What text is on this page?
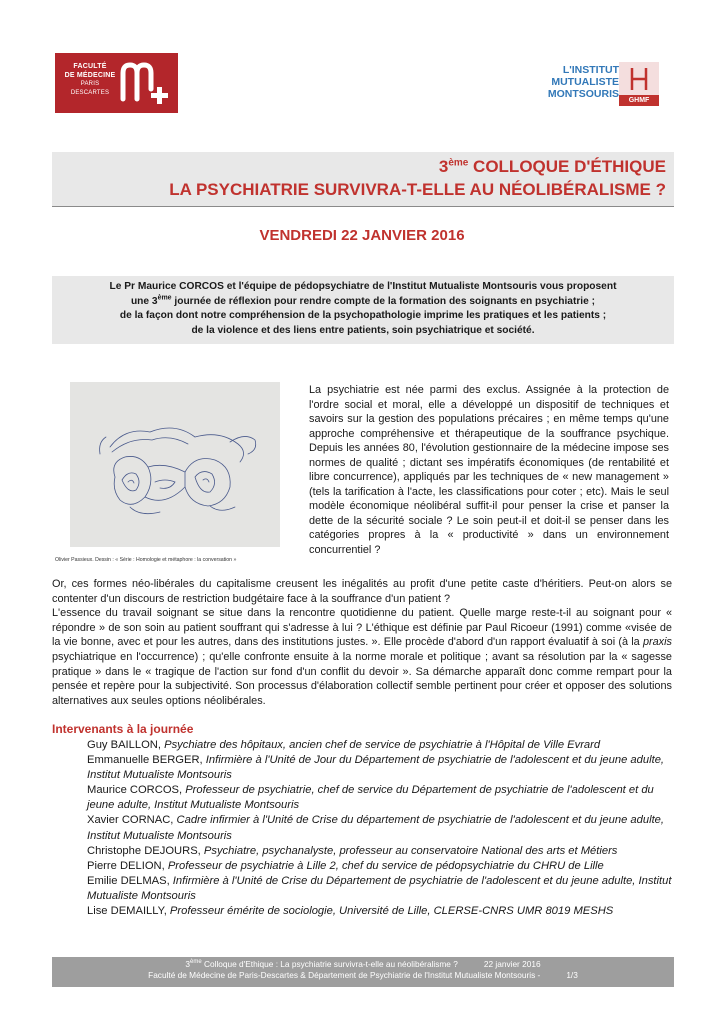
FACULTÉ
DE MÉDECINE
PARIS DESCARTES
L'INSTITUT
MUTUALISTE
MONTSOURIS
GHMF
3ème COLLOQUE D'ÉTHIQUE
LA PSYCHIATRIE SURVIVRA-T-ELLE AU NÉOLIBÉRALISME ?
VENDREDI 22 JANVIER 2016
Le Pr Maurice CORCOS et l'équipe de pédopsychiatre de l'Institut Mutualiste Montsouris vous proposent
une 3ème journée de réflexion pour rendre compte de la formation des soignants en psychiatrie ;
de la façon dont notre compréhension de la psychopathologie imprime les pratiques et les patients ;
de la violence et des liens entre patients, soin psychiatrique et société.
Olivier Passieux. Dessin : « Série : Homologie et métaphore : la conversation »
La psychiatrie est née parmi des exclus. Assignée à la protection de l'ordre social et moral, elle a développé un dispositif de techniques et savoirs sur la gestion des populations précaires ; en même temps qu'une approche compréhensive et thérapeutique de la souffrance psychique. Depuis les années 80, l'évolution gestionnaire de la médecine impose ses normes de qualité ; dictant ses impératifs économiques (de rentabilité et libre concurrence), appliqués par les techniques de « new management » (tels la tarification à l'acte, les classifications pour coter ; etc). Mais le seul modèle économique néolibéral suffit-il pour penser la crise et panser la dette de la sécurité sociale ? Le soin peut-il et doit-il se penser dans les catégories propres à la « productivité » dans un environnement concurrentiel ?
Or, ces formes néo-libérales du capitalisme creusent les inégalités au profit d'une petite caste d'héritiers. Peut-on alors se contenter d'un discours de restriction budgétaire face à la souffrance d'un patient ?
L'essence du travail soignant se situe dans la rencontre quotidienne du patient. Quelle marge reste-t-il au soignant pour « répondre » de son soin au patient souffrant qui s'adresse à lui ? L'éthique est définie par Paul Ricoeur (1991) comme «visée de la vie bonne, avec et pour les autres, dans des institutions justes. ». Elle procède d'abord d'un rapport évaluatif à soi (à la praxis psychiatrique en l'occurrence) ; qu'elle confronte ensuite à la norme morale et politique ; avant sa résolution par la « sagesse pratique » dans le « tragique de l'action sur fond d'un conflit du devoir ». Sa démarche apparaît donc comme rempart pour la pensée et repère pour la subjectivité. Son processus d'élaboration collectif semble pertinent pour créer et opposer des solutions alternatives aux seules options néolibérales.
Intervenants à la journée
Guy BAILLON, Psychiatre des hôpitaux, ancien chef de service de psychiatrie à l'Hôpital de Ville Evrard
Emmanuelle BERGER, Infirmière à l'Unité de Jour du Département de psychiatrie de l'adolescent et du jeune adulte, Institut Mutualiste Montsouris
Maurice CORCOS, Professeur de psychiatrie, chef de service du Département de psychiatrie de l'adolescent et du jeune adulte, Institut Mutualiste Montsouris
Xavier CORNAC, Cadre infirmier à l'Unité de Crise du département de psychiatrie de l'adolescent et du jeune adulte, Institut Mutualiste Montsouris
Christophe DEJOURS, Psychiatre, psychanalyste, professeur au conservatoire National des arts et Métiers
Pierre DELION, Professeur de psychiatrie à Lille 2, chef du service de pédopsychiatrie du CHRU de Lille
Emilie DELMAS, Infirmière à l'Unité de Crise du Département de psychiatrie de l'adolescent et du jeune adulte, Institut Mutualiste Montsouris
Lise DEMAILLY, Professeur émérite de sociologie, Université de Lille, CLERSE-CNRS UMR 8019 MESHS
3ème Colloque d'Ethique : La psychiatrie survivra-t-elle au néolibéralisme ?	22 janvier 2016
Faculté de Médecine de Paris-Descartes & Département de Psychiatrie de l'Institut Mutualiste Montsouris -	1/3
